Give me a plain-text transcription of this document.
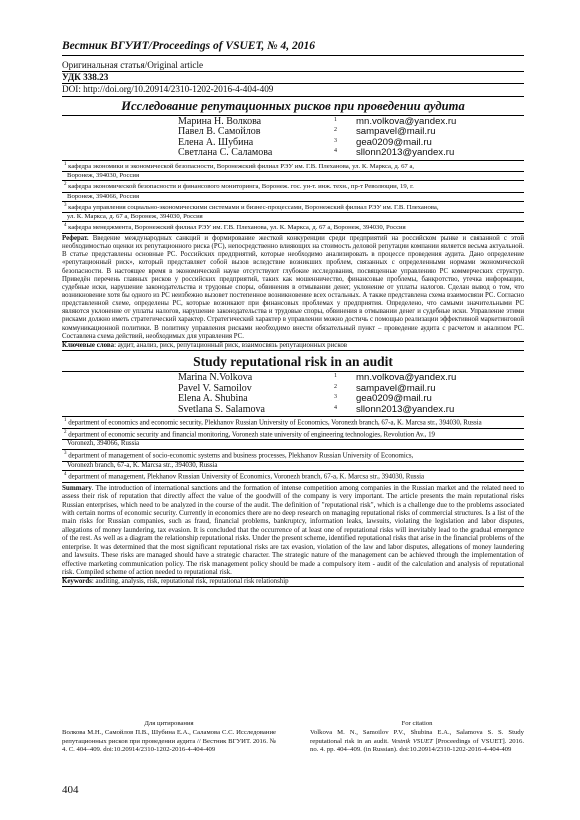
Вестник ВГУИТ/Proceedings of VSUET, № 4, 2016
Оригинальная статья/Original article
УДК 338.23
DOI: http://doi.org/10.20914/2310-1202-2016-4-404-409
Исследование репутационных рисков при проведении аудита
Марина Н. Волкова	1	mn.volkova@yandex.ru
Павел В. Самойлов	2	sampavel@mail.ru
Елена А. Шубина	3	gea0209@mail.ru
Светлана С. Саламова	4	sllonn2013@yandex.ru
$^1$ кафедра экономики и экономической безопасности, Воронежский филиал РЭУ им. Г.В. Плеханова, ул. К. Маркса, д. 67 а,
Воронеж, 394030, Россия
$^2$ кафедра экономической безопасности и финансового мониторинга, Воронеж. гос. ун-т. инж. техн., пр-т Революции, 19, г.
Воронеж, 394066, Россия
$^3$ кафедра управления социально-экономическими системами и бизнес-процессами, Воронежский филиал РЭУ им. Г.В. Плеханова,
ул. К. Маркса, д. 67 а, Воронеж, 394030, Россия
$^4$ кафедра менеджмента, Воронежский филиал РЭУ им. Г.В. Плеханова, ул. К. Маркса, д. 67 а, Воронеж, 394030, Россия
Реферат. Введение международных санкций и формирование жесткой конкуренции среди предприятий на российском рынке и связанной с этой необходимостью оценки их репутационного риска (РС), непосредственно влияющих на стоимость деловой репутации компании является весьма актуальной. В статье представлены основные РС. Российских предприятий, которые необходимо анализировать в процессе проведения аудита. Дано определение «репутационный риск», который представляет собой вызов вследствие возникших проблем, связанных с определенными нормами экономической безопасности. В настоящее время в экономической науке отсутствуют глубокие исследования, посвященные управлению РС коммерческих структур. Приведён перечень главных рисков у российских предприятий, таких как мошенничество, финансовые проблемы, банкротство, утечка информации, судебные иски, нарушение законодательства и трудовые споры, обвинения в отмывании денег, уклонение от уплаты налогов. Сделан вывод о том, что возникновение хотя бы одного из РС неизбежно вызовет постепенное возникновение всех остальных. А также представлена схема взаимосвязи РС. Согласно представленной схеме, определены РС, которые возникают при финансовых проблемах у предприятия. Определено, что самыми значительными РС являются уклонение от уплаты налогов, нарушение законодательства и трудовые споры, обвинения в отмывании денег и судебные иски. Управление этими рисками должно иметь стратегический характер. Стратегический характер в управлении можно достичь с помощью реализации эффективной маркетинговой коммуникационной политики. В политику управления рисками необходимо внести обязательный пункт – проведение аудита с расчетом и анализом РС. Составлена схема действий, необходимых для управления РС.
Ключевые слова: аудит, анализ, риск, репутационный риск, взаимосвязь репутационных рисков
Study reputational risk in an audit
Marina N.Volkova	1	mn.volkova@yandex.ru
Pavel V. Samoilov	2	sampavel@mail.ru
Elena A. Shubina	3	gea0209@mail.ru
Svetlana S. Salamova	4	sllonn2013@yandex.ru
$^1$ department of economics and economic security, Plekhanov Russian University of Economics, Voronezh branch, 67-a, K. Marcsa str., 394030, Russia
$^2$ department of economic security and financial monitoring, Voronezh state university of engineering technologies, Revolution Av., 19
Voronezh, 394066, Russia
$^3$ department of management of socio-economic systems and business processes, Plekhanov Russian University of Economics,
Voronezh branch, 67-a, K. Marcsa str., 394030, Russia
$^4$ department of management, Plekhanov Russian University of Economics, Voronezh branch, 67-a, K. Marcsa str., 394030, Russia
Summary. The introduction of international sanctions and the formation of intense competition among companies in the Russian market and the related need to assess their risk of reputation that directly affect the value of the goodwill of the company is very important. The article presents the main reputational risks Russian enterprises, which need to be analyzed in the course of the audit. The definition of "reputational risk", which is a challenge due to the problems associated with certain norms of economic security. Currently in economics there are no deep research on managing reputational risks of commercial structures. Is a list of the main risks for Russian companies, such as fraud, financial problems, bankruptcy, information leaks, lawsuits, violating the legislation and labor disputes, allegations of money laundering, tax evasion. It is concluded that the occurrence of at least one of reputational risks will inevitably lead to the gradual emergence of the rest. As well as a diagram the relationship reputational risks. Under the present scheme, identified reputational risks that arise in the financial problems of the enterprise. It was determined that the most significant reputational risks are tax evasion, violation of the law and labor disputes, allegations of money laundering and lawsuits. These risks are managed should have a strategic character. The strategic nature of the management can be achieved through the implementation of effective marketing communication policy. The risk management policy should be made a compulsory item - audit of the calculation and analysis of reputational risk. Compiled scheme of action needed to reputational risk.
Keywords: auditing, analysis, risk, reputational risk, reputational risk relationship
Для цитирования
Волкова М.Н., Самойлов П.В., Шубина Е.А., Саламова С.С. Исследование репутационных рисков при проведении аудита // Вестник ВГУИТ. 2016. № 4. С. 404–409. doi:10.20914/2310-1202-2016-4-404-409
For citation
Volkova M. N., Samoilov P.V., Shubina E.A., Salamova S. S. Study reputational risk in an audit. Vestnik VSUET [Proceedings of VSUET]. 2016. no. 4. pp. 404–409. (in Russian). doi:10.20914/2310-1202-2016-4-404-409
404
